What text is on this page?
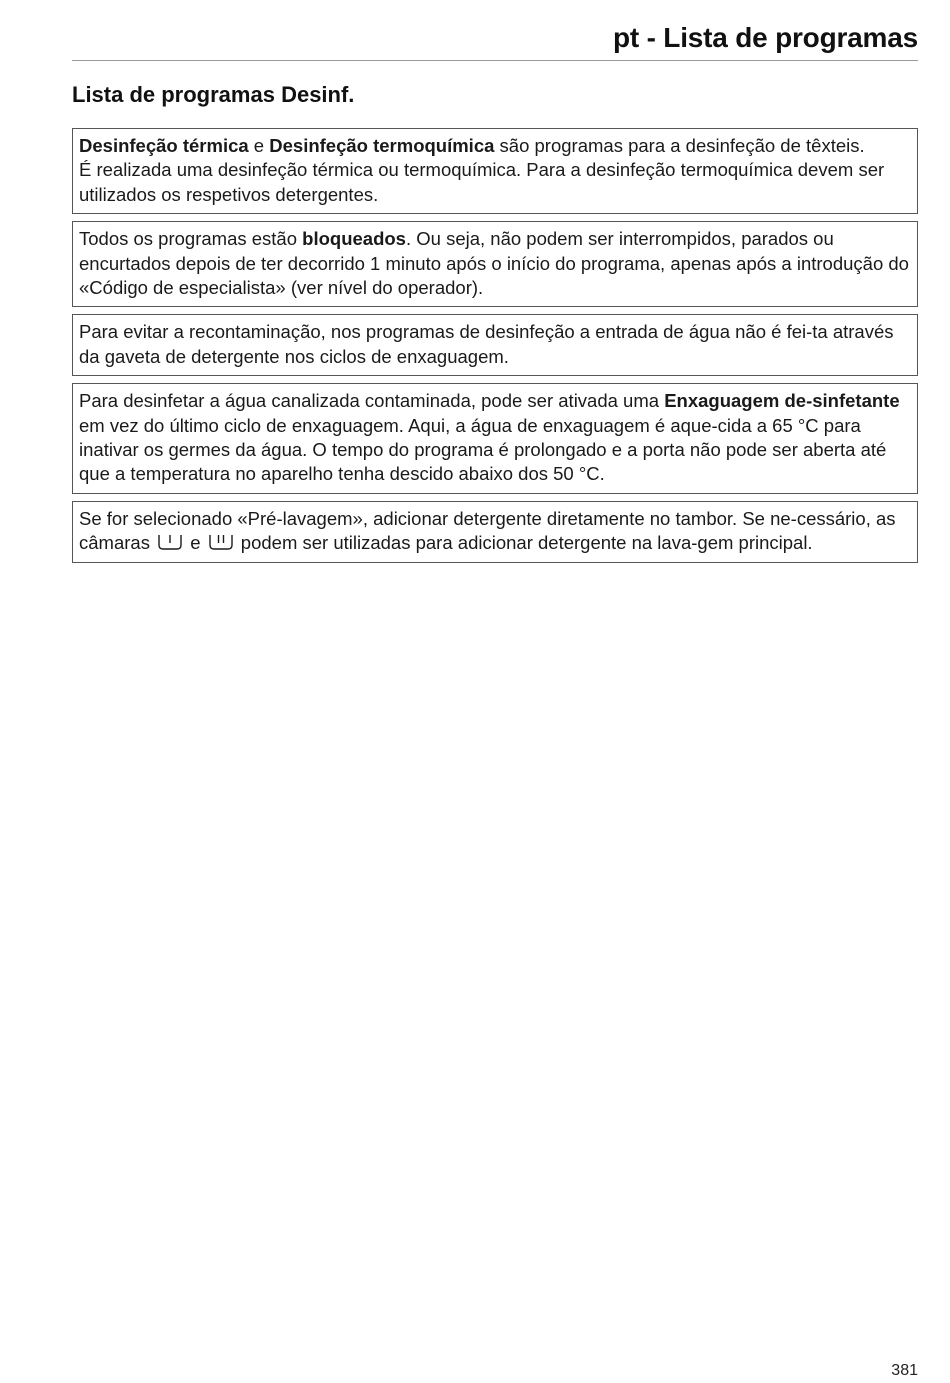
pt - Lista de programas
Lista de programas Desinf.
Desinfeção térmica e Desinfeção termoquímica são programas para a desinfeção de têxteis.
É realizada uma desinfeção térmica ou termoquímica. Para a desinfeção termoquímica devem ser utilizados os respetivos detergentes.
Todos os programas estão bloqueados. Ou seja, não podem ser interrompidos, parados ou encurtados depois de ter decorrido 1 minuto após o início do programa, apenas após a introdução do «Código de especialista» (ver nível do operador).
Para evitar a recontaminação, nos programas de desinfeção a entrada de água não é fei-ta através da gaveta de detergente nos ciclos de enxaguagem.
Para desinfetar a água canalizada contaminada, pode ser ativada uma Enxaguagem de-sinfetante em vez do último ciclo de enxaguagem. Aqui, a água de enxaguagem é aque-cida a 65 °C para inativar os germes da água. O tempo do programa é prolongado e a porta não pode ser aberta até que a temperatura no aparelho tenha descido abaixo dos 50 °C.
Se for selecionado «Pré-lavagem», adicionar detergente diretamente no tambor. Se ne-cessário, as câmaras
e
podem ser utilizadas para adicionar detergente na lava-gem principal.
381
